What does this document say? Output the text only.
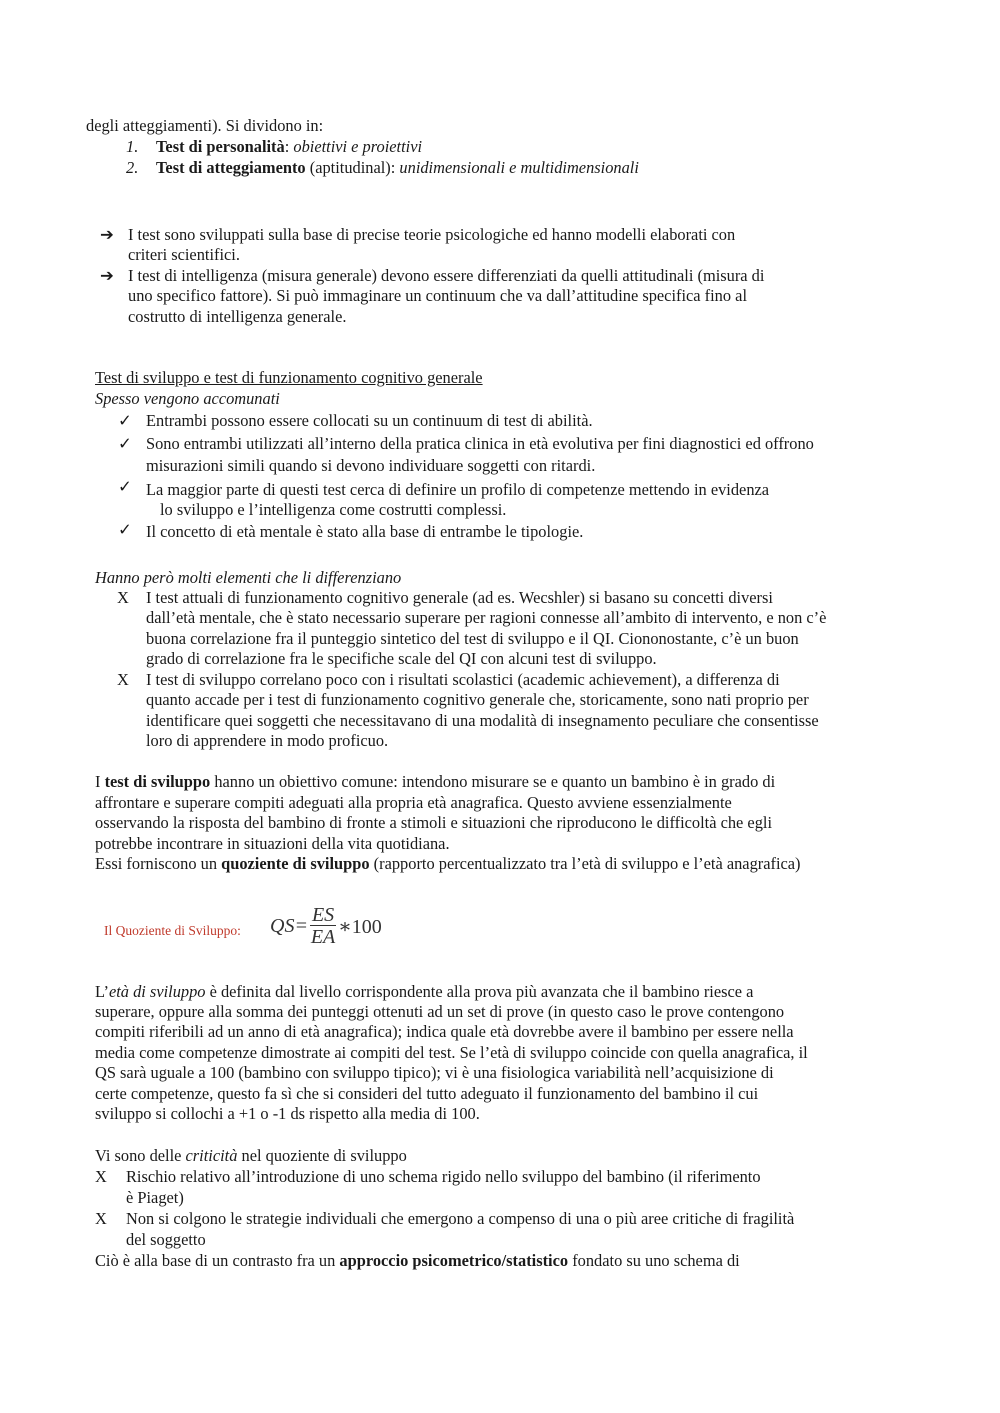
degli atteggiamenti). Si dividono in:
1. Test di personalità: obiettivi e proiettivi
2. Test di atteggiamento (aptitudinal): unidimensionali e multidimensionali
➔ I test sono sviluppati sulla base di precise teorie psicologiche ed hanno modelli elaborati con
criteri scientifici.
➔ I test di intelligenza (misura generale) devono essere differenziati da quelli attitudinali (misura di
uno specifico fattore). Si può immaginare un continuum che va dall’attitudine specifica fino al
costrutto di intelligenza generale.
Test di sviluppo e test di funzionamento cognitivo generale
Spesso vengono accomunati
✓ Entrambi possono essere collocati su un continuum di test di abilità.
✓ Sono entrambi utilizzati all’interno della pratica clinica in età evolutiva per fini diagnostici ed offrono
misurazioni simili quando si devono individuare soggetti con ritardi.
✓ La maggior parte di questi test cerca di definire un profilo di competenze mettendo in evidenza
lo sviluppo e l’intelligenza come costrutti complessi.
✓ Il concetto di età mentale è stato alla base di entrambe le tipologie.
Hanno però molti elementi che li differenziano
X I test attuali di funzionamento cognitivo generale (ad es. Wecshler) si basano su concetti diversi
dall’età mentale, che è stato necessario superare per ragioni connesse all’ambito di intervento, e non c’è
buona correlazione fra il punteggio sintetico del test di sviluppo e il QI. Ciononostante, c’è un buon
grado di correlazione fra le specifiche scale del QI con alcuni test di sviluppo.
X I test di sviluppo correlano poco con i risultati scolastici (academic achievement), a differenza di
quanto accade per i test di funzionamento cognitivo generale che, storicamente, sono nati proprio per
identificare quei soggetti che necessitavano di una modalità di insegnamento peculiare che consentisse
loro di apprendere in modo proficuo.
I test di sviluppo hanno un obiettivo comune: intendono misurare se e quanto un bambino è in grado di
affrontare e superare compiti adeguati alla propria età anagrafica. Questo avviene essenzialmente
osservando la risposta del bambino di fronte a stimoli e situazioni che riproducono le difficoltà che egli
potrebbe incontrare in situazioni della vita quotidiana.
Essi forniscono un quoziente di sviluppo (rapporto percentualizzato tra l’età di sviluppo e l’età anagrafica)
Il Quoziente di Sviluppo: $QS= \frac{ES}{EA}$ ∗100
L’età di sviluppo è definita dal livello corrispondente alla prova più avanzata che il bambino riesce a
superare, oppure alla somma dei punteggi ottenuti ad un set di prove (in questo caso le prove contengono
compiti riferibili ad un anno di età anagrafica); indica quale età dovrebbe avere il bambino per essere nella
media come competenze dimostrate ai compiti del test. Se l’età di sviluppo coincide con quella anagrafica, il
QS sarà uguale a 100 (bambino con sviluppo tipico); vi è una fisiologica variabilità nell’acquisizione di
certe competenze, questo fa sì che si consideri del tutto adeguato il funzionamento del bambino il cui
sviluppo si collochi a +1 o -1 ds rispetto alla media di 100.
Vi sono delle criticità nel quoziente di sviluppo
X Rischio relativo all’introduzione di uno schema rigido nello sviluppo del bambino (il riferimento
è Piaget)
X Non si colgono le strategie individuali che emergono a compenso di una o più aree critiche di fragilità
del soggetto
Ciò è alla base di un contrasto fra un approccio psicometrico/statistico fondato su uno schema di
